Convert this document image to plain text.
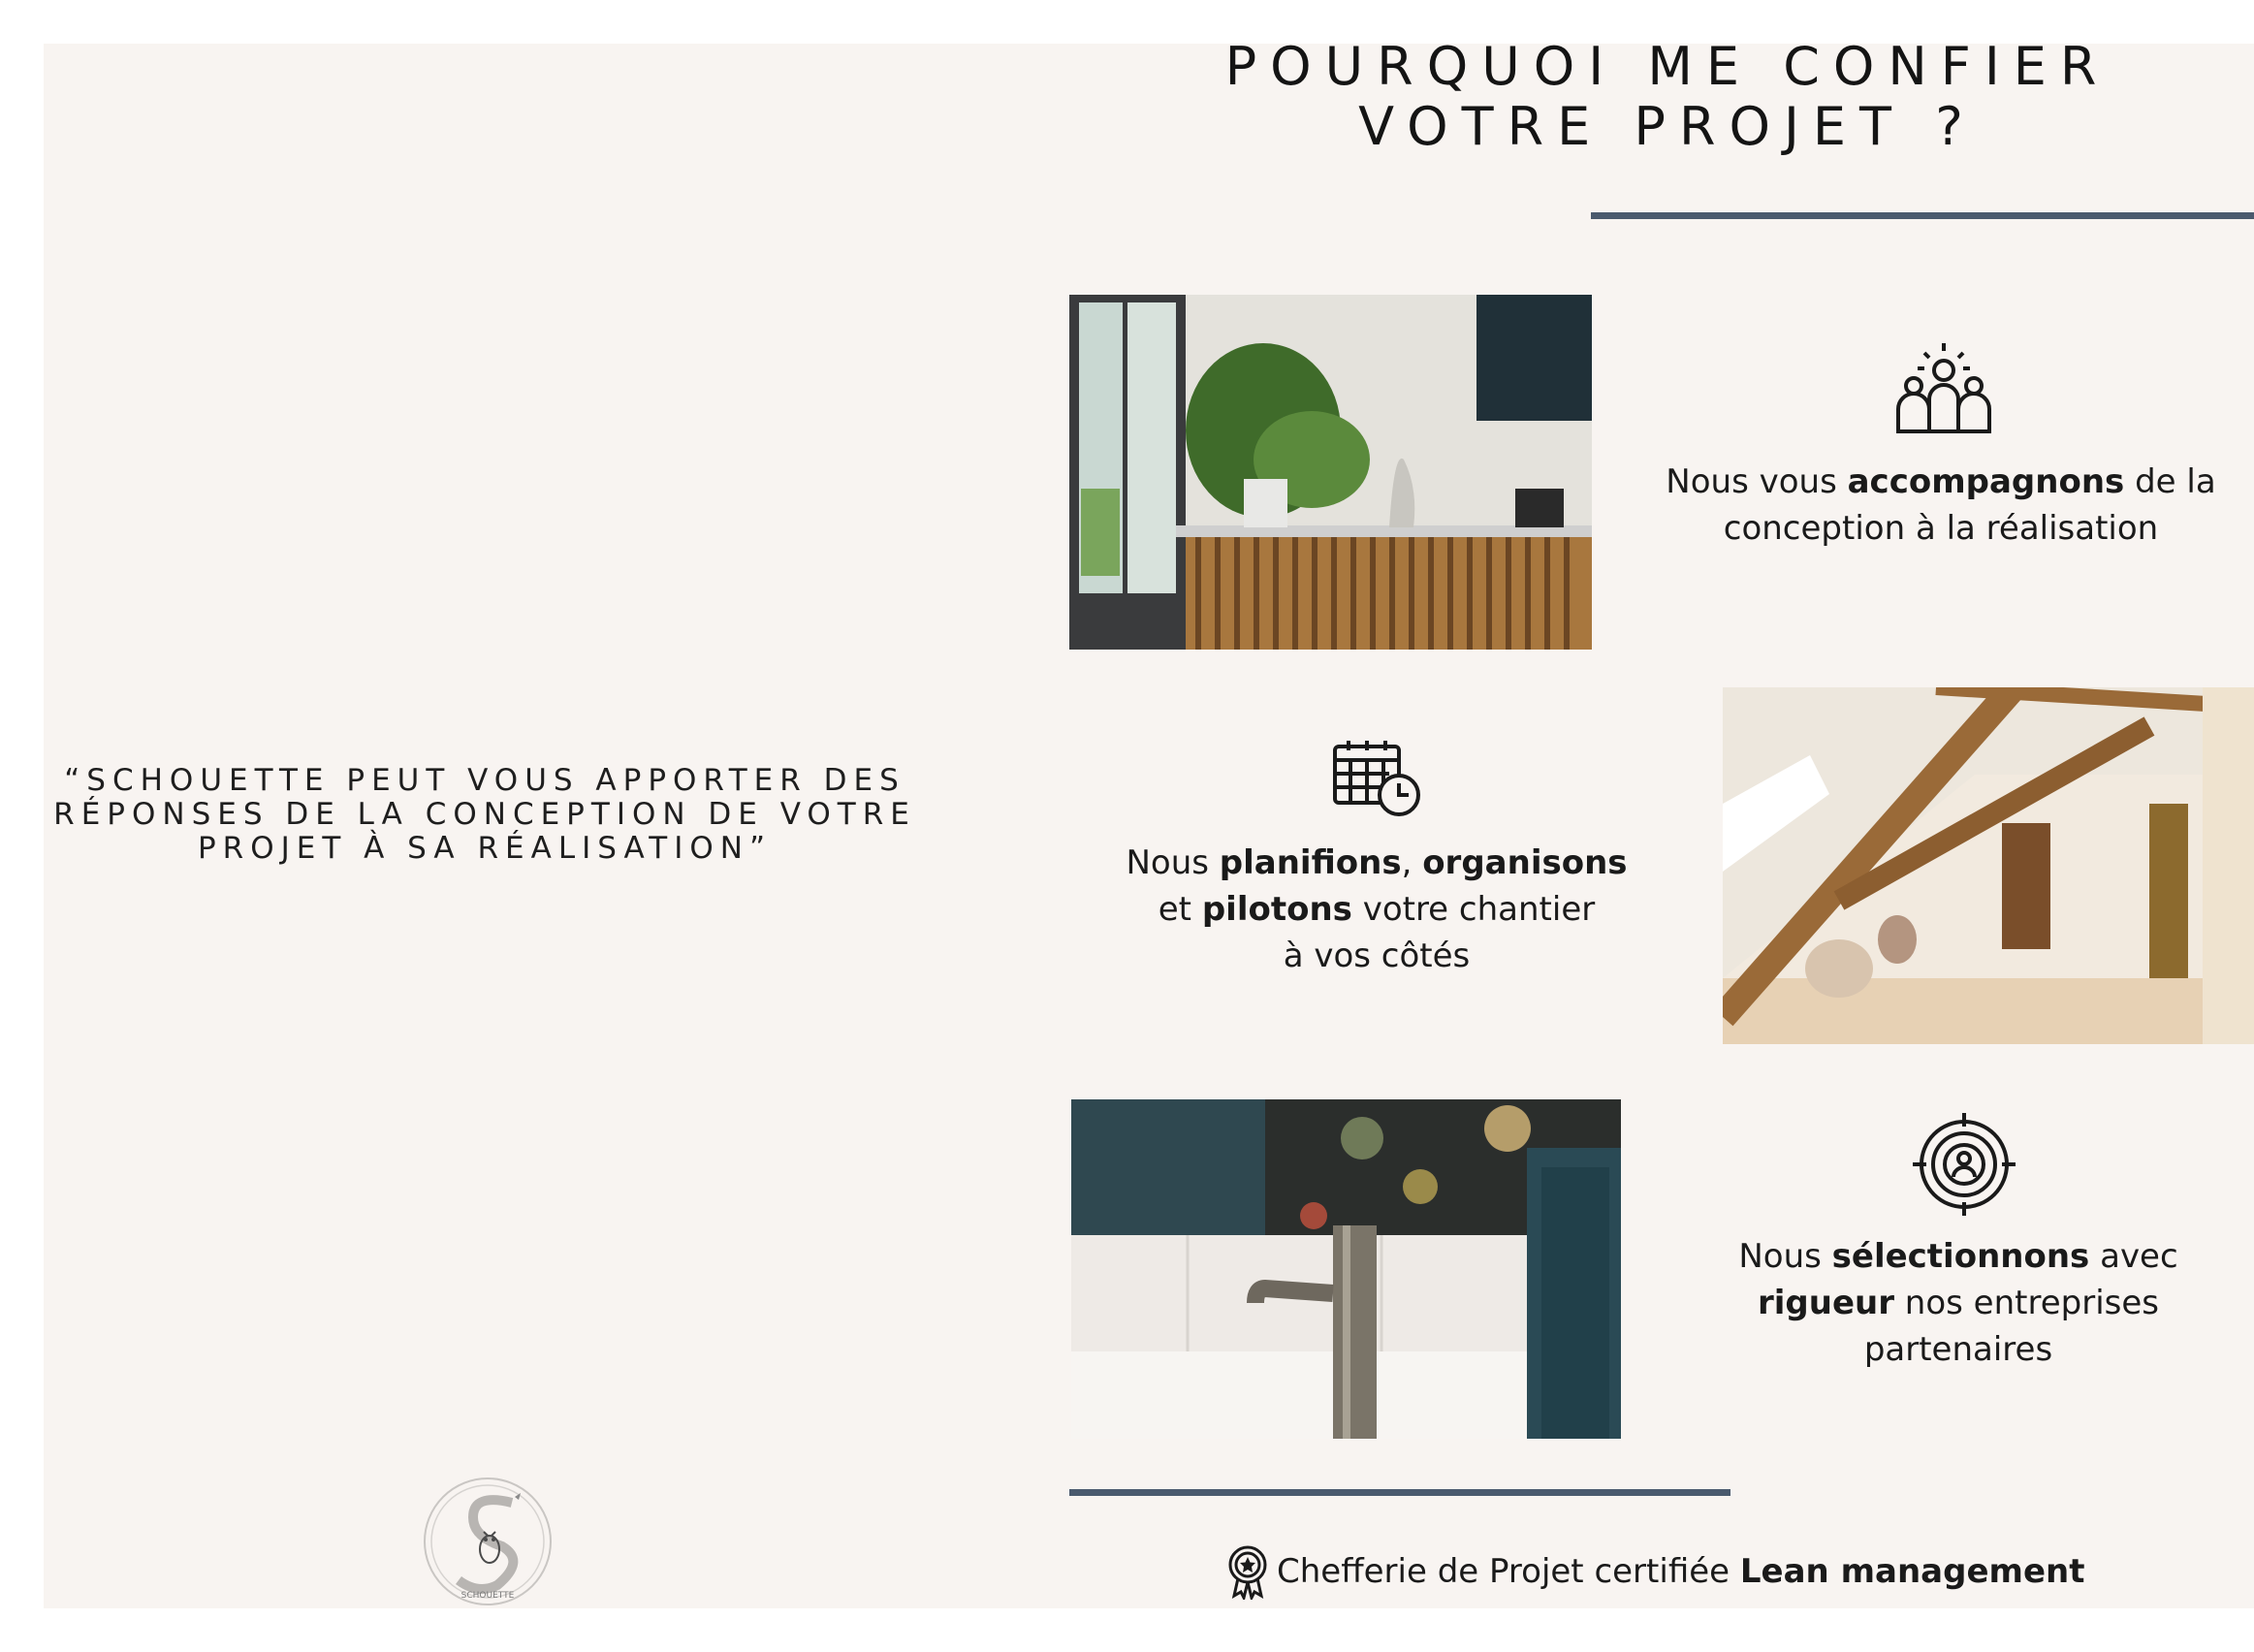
POURQUOI ME CONFIER
VOTRE PROJET ?
“SCHOUETTE PEUT VOUS APPORTER DES
RÉPONSES DE LA CONCEPTION DE VOTRE
PROJET À SA RÉALISATION”
Nous vous accompagnons de la
conception à la réalisation
Nous planifions, organisons
et pilotons votre chantier
à vos côtés
Nous sélectionnons avec
rigueur nos entreprises
partenaires
Chefferie de Projet certifiée Lean management
SCHOUETTE
